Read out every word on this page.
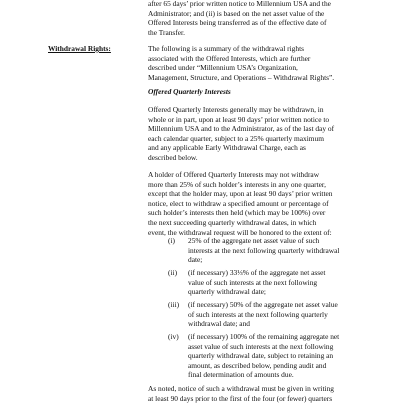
after 65 days’ prior written notice to Millennium USA and the
Administrator; and (ii) is based on the net asset value of the
Offered Interests being transferred as of the effective date of
the Transfer.
Withdrawal Rights:	The following is a summary of the withdrawal rights
associated with the Offered Interests, which are further
described under “Millennium USA’s Organization,
Management, Structure, and Operations – Withdrawal Rights”.
Offered Quarterly Interests
Offered Quarterly Interests generally may be withdrawn, in
whole or in part, upon at least 90 days’ prior written notice to
Millennium USA and to the Administrator, as of the last day of
each calendar quarter, subject to a 25% quarterly maximum
and any applicable Early Withdrawal Charge, each as
described below.
A holder of Offered Quarterly Interests may not withdraw
more than 25% of such holder’s interests in any one quarter,
except that the holder may, upon at least 90 days’ prior written
notice, elect to withdraw a specified amount or percentage of
such holder’s interests then held (which may be 100%) over
the next succeeding quarterly withdrawal dates, in which
event, the withdrawal request will be honored to the extent of:
(i) 25% of the aggregate net asset value of such
interests at the next following quarterly withdrawal
date;
(ii) (if necessary) 33⅓% of the aggregate net asset
value of such interests at the next following
quarterly withdrawal date;
(iii) (if necessary) 50% of the aggregate net asset value
of such interests at the next following quarterly
withdrawal date; and
(iv) (if necessary) 100% of the remaining aggregate net
asset value of such interests at the next following
quarterly withdrawal date, subject to retaining an
amount, as described below, pending audit and
final determination of amounts due.
As noted, notice of such a withdrawal must be given in writing
at least 90 days prior to the first of the four (or fewer) quarters
